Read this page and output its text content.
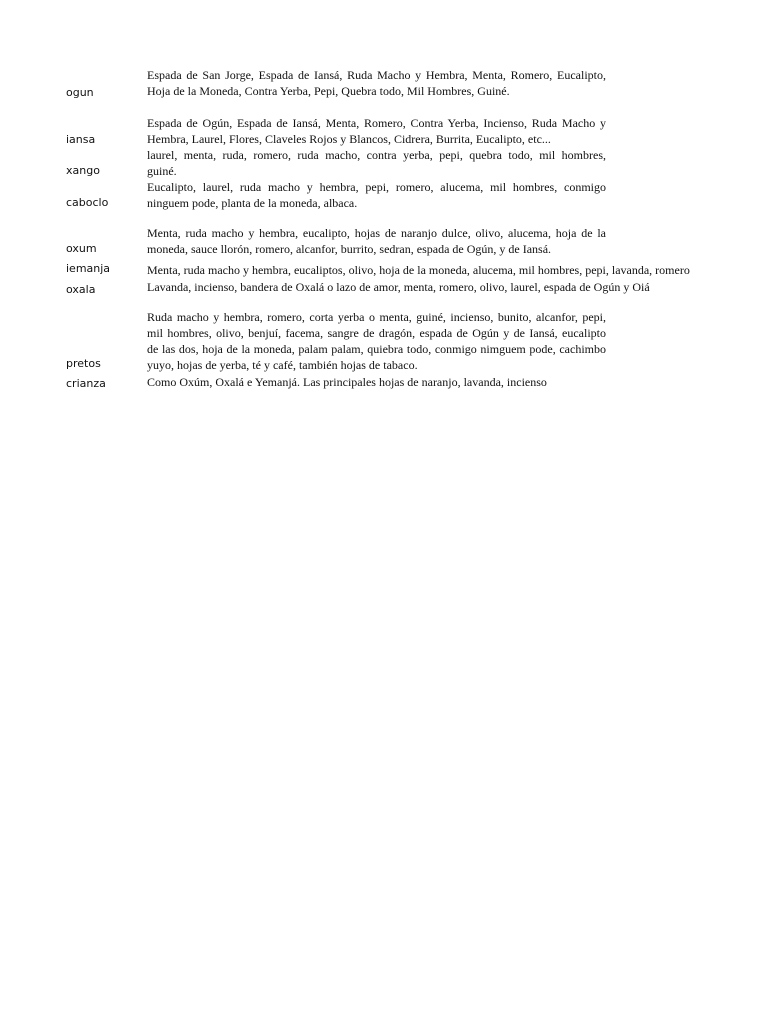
ogun
Espada de San Jorge, Espada de Iansá, Ruda Macho y Hembra, Menta, Romero, Eucalipto,
Hoja de la Moneda, Contra Yerba, Pepi, Quebra todo, Mil Hombres, Guiné.
iansa
Espada de Ogún, Espada de Iansá, Menta, Romero, Contra Yerba, Incienso, Ruda Macho y
Hembra, Laurel, Flores, Claveles Rojos y Blancos, Cidrera, Burrita, Eucalipto, etc...
xango
laurel, menta, ruda, romero, ruda macho, contra yerba, pepi, quebra todo, mil hombres,
guiné.
caboclo
Eucalipto, laurel, ruda macho y hembra, pepi, romero, alucema, mil hombres, conmigo
ninguem pode, planta de la moneda, albaca.
oxum
Menta, ruda macho y hembra, eucalipto, hojas de naranjo dulce, olivo, alucema, hoja de la
moneda, sauce llorón, romero, alcanfor, burrito, sedran, espada de Ogún, y de Iansá.
iemanja	Menta, ruda macho y hembra, eucaliptos, olivo, hoja de la moneda, alucema, mil hombres, pepi, lavanda, romero
oxala	Lavanda, incienso, bandera de Oxalá o lazo de amor, menta, romero, olivo, laurel, espada de Ogún y Oiá
pretos
Ruda macho y hembra, romero, corta yerba o menta, guiné, incienso, bunito, alcanfor, pepi,
mil hombres, olivo, benjuí, facema, sangre de dragón, espada de Ogún y de Iansá, eucalipto
de las dos, hoja de la moneda, palam palam, quiebra todo, conmigo nimguem pode, cachimbo
yuyo, hojas de yerba, té y café, también hojas de tabaco.
crianza	Como Oxúm, Oxalá e Yemanjá. Las principales hojas de naranjo, lavanda, incienso
